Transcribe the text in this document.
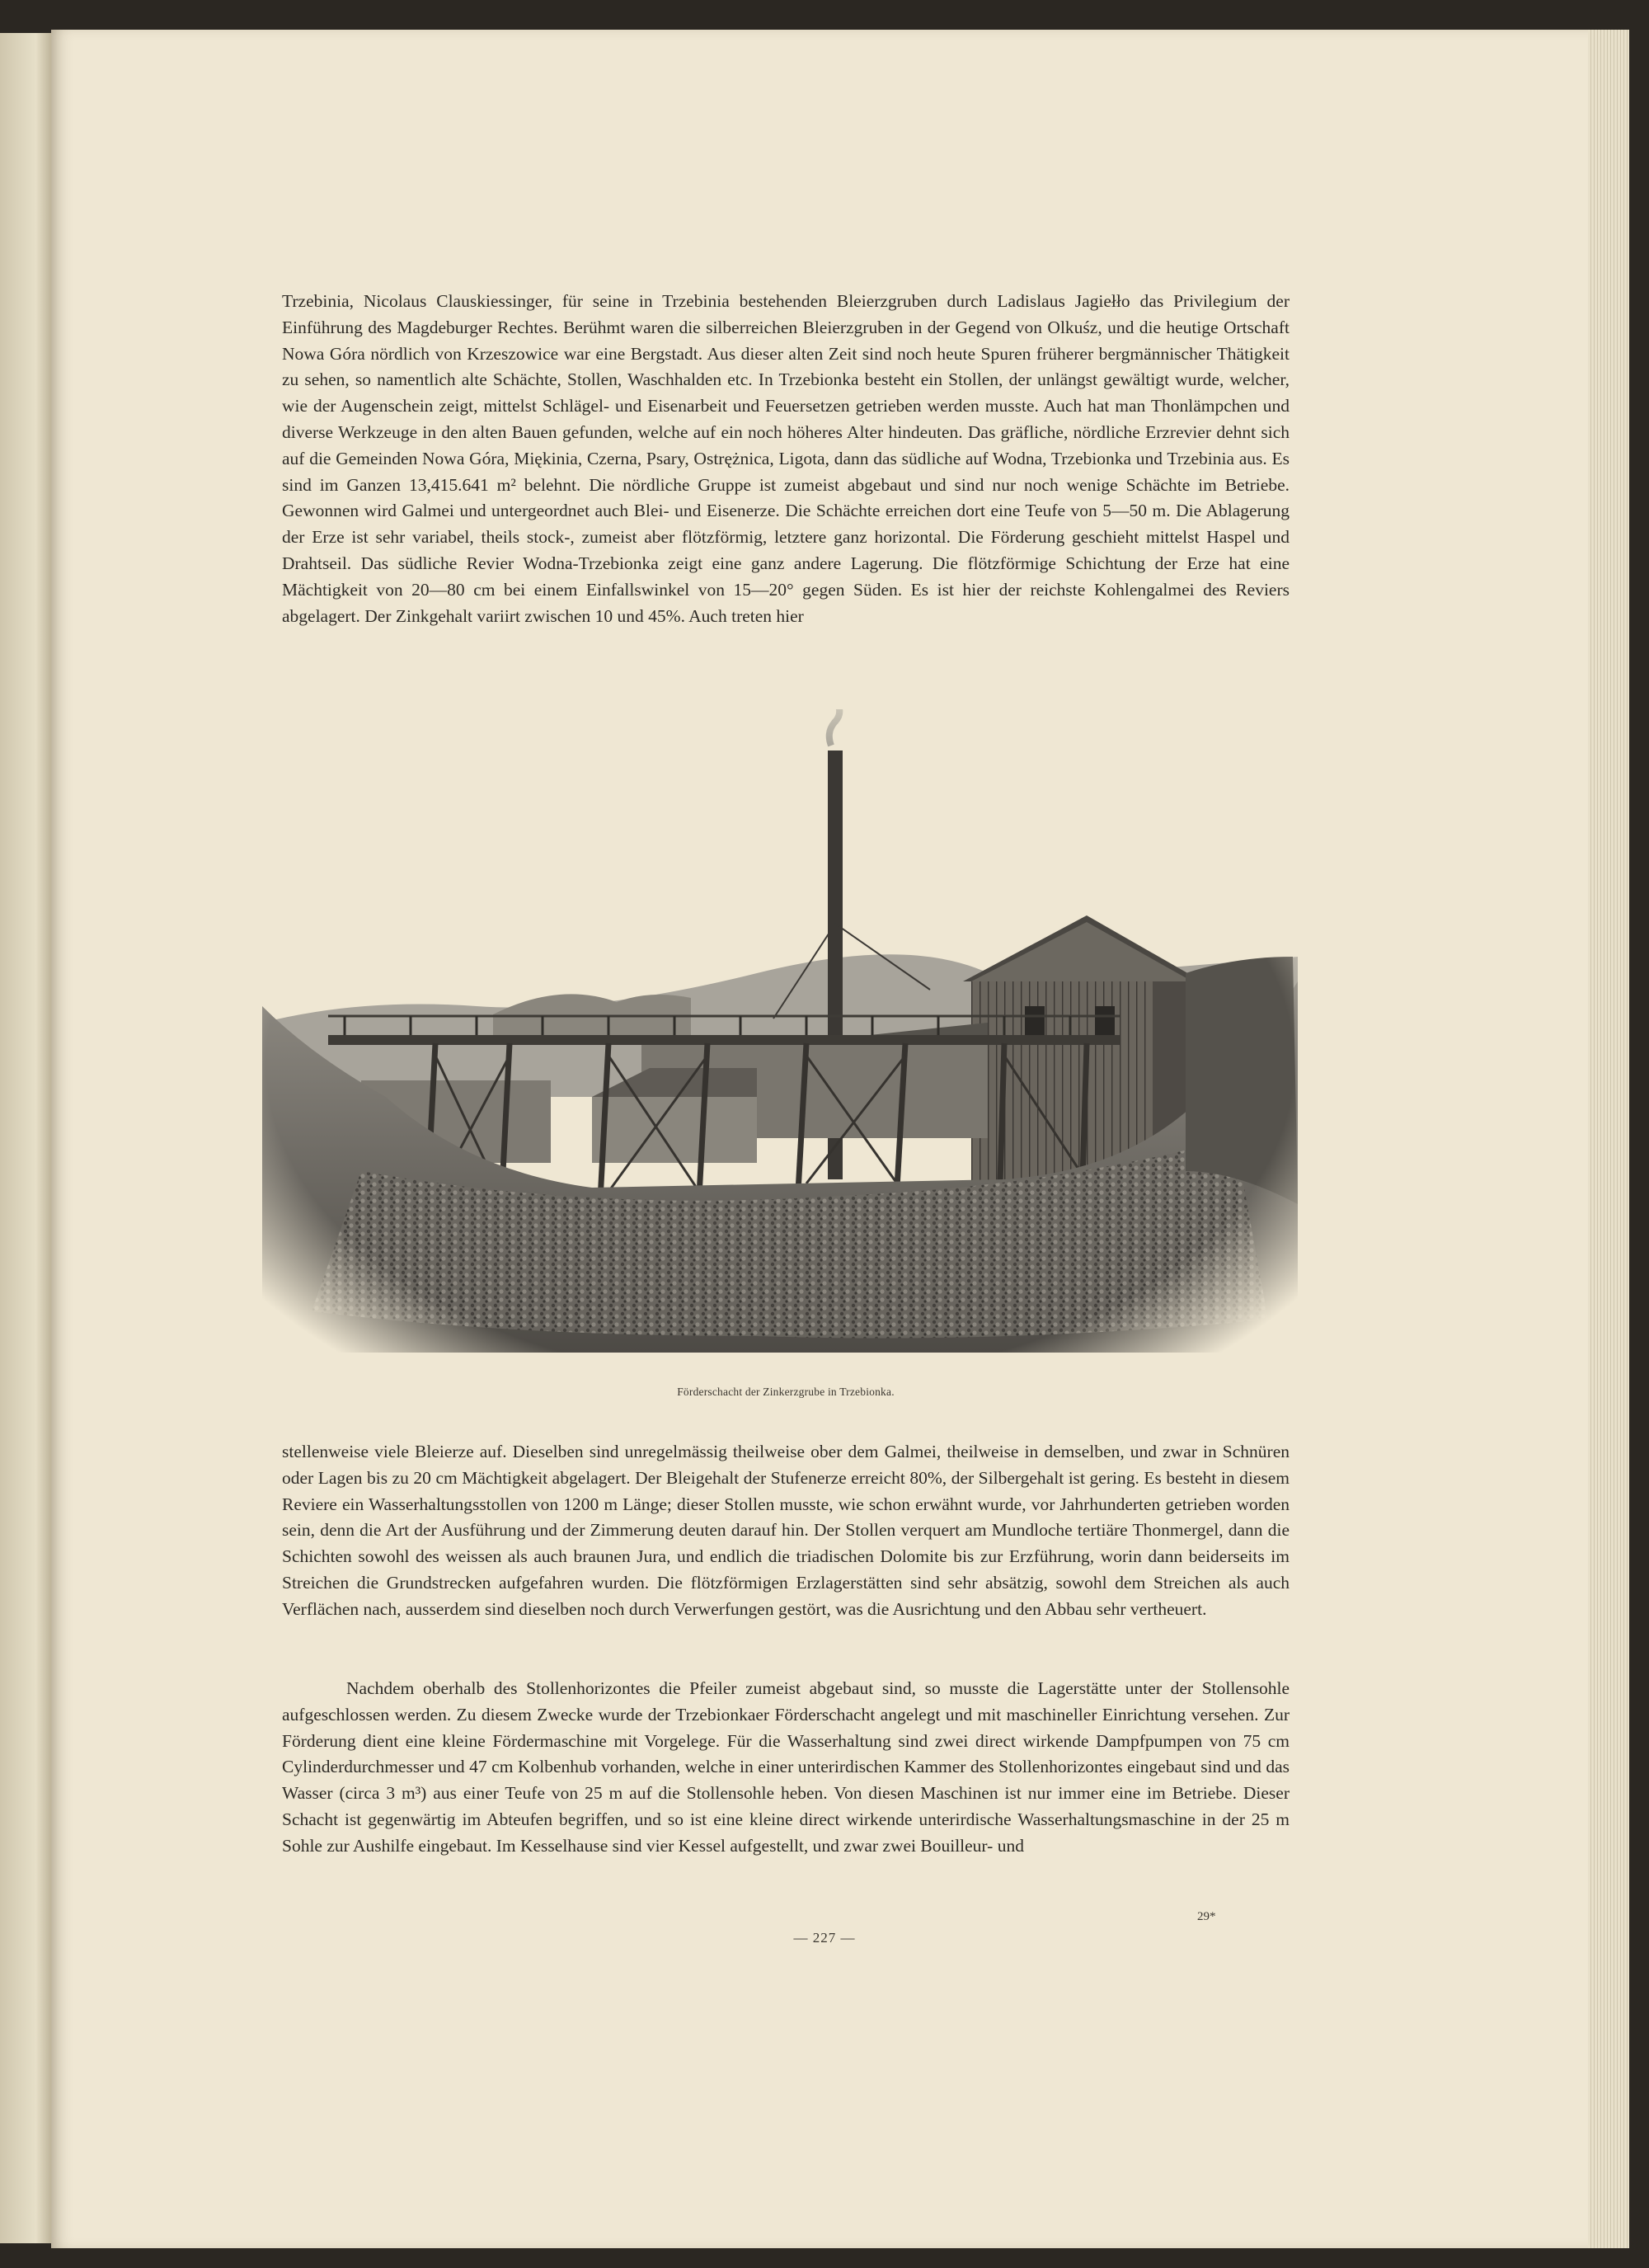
Trzebinia, Nicolaus Clauskiessinger, für seine in Trzebinia bestehenden Bleierzgruben durch Ladislaus Jagiełło das Privilegium der Einführung des Magdeburger Rechtes. Berühmt waren die silberreichen Bleierzgruben in der Gegend von Olkuśz, und die heutige Ortschaft Nowa Góra nördlich von Krzeszowice war eine Bergstadt. Aus dieser alten Zeit sind noch heute Spuren früherer bergmännischer Thätigkeit zu sehen, so namentlich alte Schächte, Stollen, Waschhalden etc. In Trzebionka besteht ein Stollen, der unlängst gewältigt wurde, welcher, wie der Augenschein zeigt, mittelst Schlägel- und Eisenarbeit und Feuersetzen getrieben werden musste. Auch hat man Thonlämpchen und diverse Werkzeuge in den alten Bauen gefunden, welche auf ein noch höheres Alter hindeuten. Das gräfliche, nördliche Erzrevier dehnt sich auf die Gemeinden Nowa Góra, Miękinia, Czerna, Psary, Ostrężnica, Ligota, dann das südliche auf Wodna, Trzebionka und Trzebinia aus. Es sind im Ganzen 13,415.641 m² belehnt. Die nördliche Gruppe ist zumeist abgebaut und sind nur noch wenige Schächte im Betriebe. Gewonnen wird Galmei und untergeordnet auch Blei- und Eisenerze. Die Schächte erreichen dort eine Teufe von 5—50 m. Die Ablagerung der Erze ist sehr variabel, theils stock-, zumeist aber flötzförmig, letztere ganz horizontal. Die Förderung geschieht mittelst Haspel und Drahtseil. Das südliche Revier Wodna-Trzebionka zeigt eine ganz andere Lagerung. Die flötzförmige Schichtung der Erze hat eine Mächtigkeit von 20—80 cm bei einem Einfallswinkel von 15—20° gegen Süden. Es ist hier der reichste Kohlengalmei des Reviers abgelagert. Der Zinkgehalt variirt zwischen 10 und 45%. Auch treten hier

Förderschacht der Zinkerzgrube in Trzebionka.

stellenweise viele Bleierze auf. Dieselben sind unregelmässig theilweise ober dem Galmei, theilweise in demselben, und zwar in Schnüren oder Lagen bis zu 20 cm Mächtigkeit abgelagert. Der Bleigehalt der Stufenerze erreicht 80%, der Silbergehalt ist gering. Es besteht in diesem Reviere ein Wasserhaltungsstollen von 1200 m Länge; dieser Stollen musste, wie schon erwähnt wurde, vor Jahrhunderten getrieben worden sein, denn die Art der Ausführung und der Zimmerung deuten darauf hin. Der Stollen verquert am Mundloche tertiäre Thonmergel, dann die Schichten sowohl des weissen als auch braunen Jura, und endlich die triadischen Dolomite bis zur Erzführung, worin dann beiderseits im Streichen die Grundstrecken aufgefahren wurden. Die flötzförmigen Erzlagerstätten sind sehr absätzig, sowohl dem Streichen als auch Verflächen nach, ausserdem sind dieselben noch durch Verwerfungen gestört, was die Ausrichtung und den Abbau sehr vertheuert.

Nachdem oberhalb des Stollenhorizontes die Pfeiler zumeist abgebaut sind, so musste die Lagerstätte unter der Stollensohle aufgeschlossen werden. Zu diesem Zwecke wurde der Trzebionkaer Förderschacht angelegt und mit maschineller Einrichtung versehen. Zur Förderung dient eine kleine Fördermaschine mit Vorgelege. Für die Wasserhaltung sind zwei direct wirkende Dampfpumpen von 75 cm Cylinderdurchmesser und 47 cm Kolbenhub vorhanden, welche in einer unterirdischen Kammer des Stollenhorizontes eingebaut sind und das Wasser (circa 3 m³) aus einer Teufe von 25 m auf die Stollensohle heben. Von diesen Maschinen ist nur immer eine im Betriebe. Dieser Schacht ist gegenwärtig im Abteufen begriffen, und so ist eine kleine direct wirkende unterirdische Wasserhaltungsmaschine in der 25 m Sohle zur Aushilfe eingebaut. Im Kesselhause sind vier Kessel aufgestellt, und zwar zwei Bouilleur- und

29*
— 227 —
